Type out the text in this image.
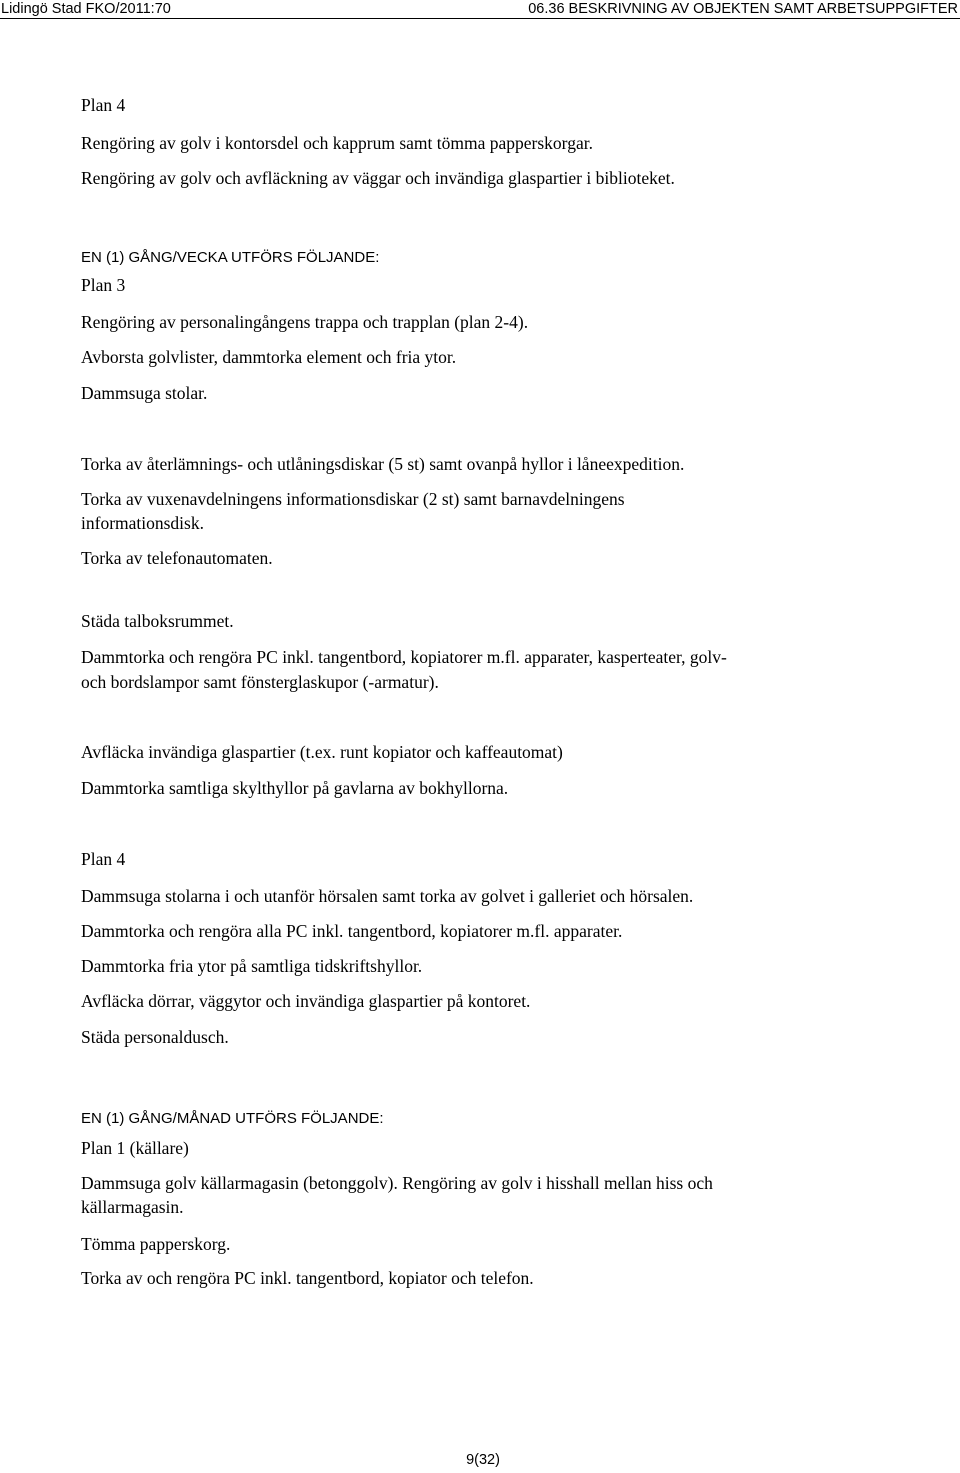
Lidingö Stad FKO/2011:70	06.36 BESKRIVNING AV OBJEKTEN SAMT ARBETSUPPGIFTER
Plan 4
Rengöring av golv i kontorsdel och kapprum samt tömma papperskorgar.
Rengöring av golv och avfläckning av väggar och invändiga glaspartier i biblioteket.
EN (1) GÅNG/VECKA UTFÖRS FÖLJANDE:
Plan 3
Rengöring av personalingångens trappa och trapplan (plan 2-4).
Avborsta golvlister, dammtorka element och fria ytor.
Dammsuga stolar.
Torka av återlämnings- och utlåningsdiskar (5 st) samt ovanpå hyllor i låneexpedition.
Torka av vuxenavdelningens informationsdiskar (2 st) samt barnavdelningens
informationsdisk.
Torka av telefonautomaten.
Städa talboksrummet.
Dammtorka och rengöra PC inkl. tangentbord, kopiatorer m.fl. apparater, kasperteater, golv-
och bordslampor samt fönsterglaskupor (-armatur).
Avfläcka invändiga glaspartier (t.ex. runt kopiator och kaffeautomat)
Dammtorka samtliga skylthyllor på gavlarna av bokhyllorna.
Plan 4
Dammsuga stolarna i och utanför hörsalen samt torka av golvet i galleriet och hörsalen.
Dammtorka och rengöra alla PC inkl. tangentbord, kopiatorer m.fl. apparater.
Dammtorka fria ytor på samtliga tidskriftshyllor.
Avfläcka dörrar, väggytor och invändiga glaspartier på kontoret.
Städa personaldusch.
EN (1) GÅNG/MÅNAD UTFÖRS FÖLJANDE:
Plan 1 (källare)
Dammsuga golv källarmagasin (betonggolv). Rengöring av golv i hisshall mellan hiss och
källarmagasin.
Tömma papperskorg.
Torka av och rengöra PC inkl. tangentbord, kopiator och telefon.
9(32)
